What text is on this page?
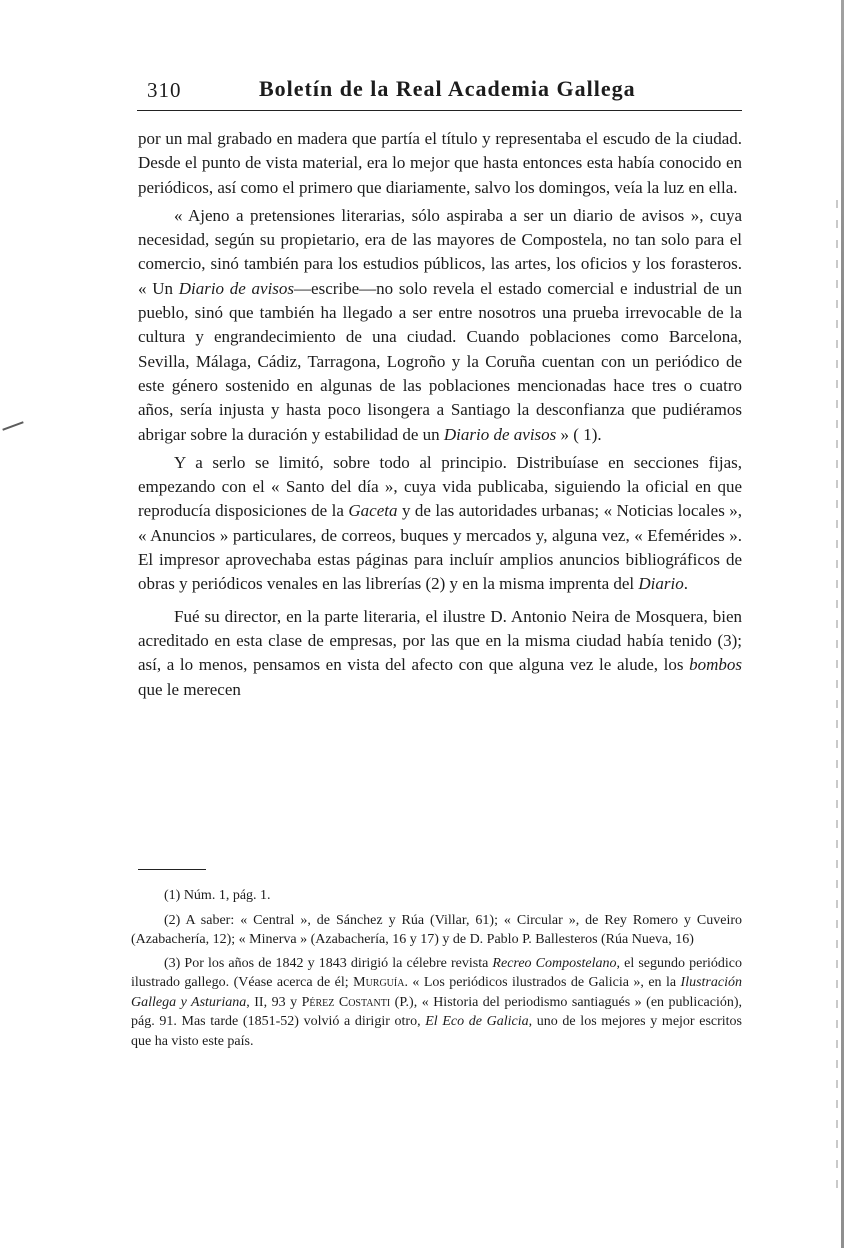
310	Boletín de la Real Academia Gallega

por un mal grabado en madera que partía el título y representaba el escudo de la ciudad. Desde el punto de vista material, era lo mejor que hasta entonces esta había conocido en periódicos, así como el primero que diariamente, salvo los domingos, veía la luz en ella.

« Ajeno a pretensiones literarias, sólo aspiraba a ser un diario de avisos », cuya necesidad, según su propietario, era de las mayores de Compostela, no tan solo para el comercio, sinó también para los estudios públicos, las artes, los oficios y los forasteros. « Un Diario de avisos—escribe—no solo revela el estado comercial e industrial de un pueblo, sinó que también ha llegado a ser entre nosotros una prueba irrevocable de la cultura y engrandecimiento de una ciudad. Cuando poblaciones como Barcelona, Sevilla, Málaga, Cádiz, Tarragona, Logroño y la Coruña cuentan con un periódico de este género sostenido en algunas de las poblaciones mencionadas hace tres o cuatro años, sería injusta y hasta poco lisongera a Santiago la desconfianza que pudiéramos abrigar sobre la duración y estabilidad de un Diario de avisos » ( 1).

Y a serlo se limitó, sobre todo al principio. Distribuíase en secciones fijas, empezando con el « Santo del día », cuya vida publicaba, siguiendo la oficial en que reproducía disposiciones de la Gaceta y de las autoridades urbanas; « Noticias locales », « Anuncios » particulares, de correos, buques y mercados y, alguna vez, « Efemérides ». El impresor aprovechaba estas páginas para incluír amplios anuncios bibliográficos de obras y periódicos venales en las librerías (2) y en la misma imprenta del Diario.

Fué su director, en la parte literaria, el ilustre D. Antonio Neira de Mosquera, bien acreditado en esta clase de empresas, por las que en la misma ciudad había tenido (3); así, a lo menos, pensamos en vista del afecto con que alguna vez le alude, los bombos que le merecen

(1) Núm. 1, pág. 1.

(2) A saber: « Central », de Sánchez y Rúa (Villar, 61); « Circular », de Rey Romero y Cuveiro (Azabachería, 12); « Minerva » (Azabachería, 16 y 17) y de D. Pablo P. Ballesteros (Rúa Nueva, 16)

(3) Por los años de 1842 y 1843 dirigió la célebre revista Recreo Compostelano, el segundo periódico ilustrado gallego. (Véase acerca de él; Murguía. « Los periódicos ilustrados de Galicia », en la Ilustración Gallega y Asturiana, II, 93 y Pérez Costanti (P.), « Historia del periodismo santiagués » (en publicación), pág. 91. Mas tarde (1851-52) volvió a dirigir otro, El Eco de Galicia, uno de los mejores y mejor escritos que ha visto este país.
